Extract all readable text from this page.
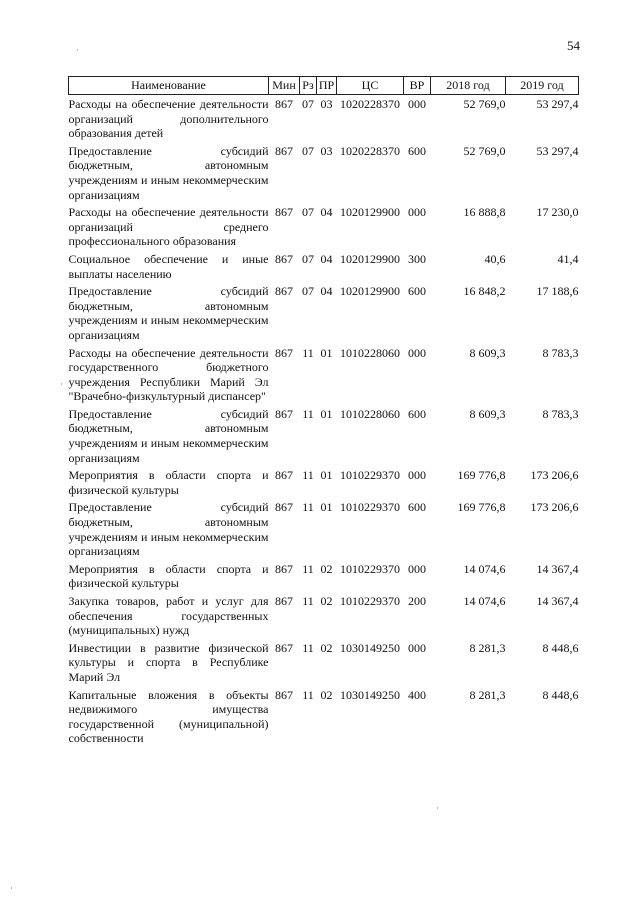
54
Наименование	Мин	Рз	ПР	ЦС	ВР	2018 год	2019 год
Расходы на обеспечение деятельности организаций дополнительного образования детей	867	07	03	1020228370	000	52 769,0	53 297,4
Предоставление субсидий бюджетным, автономным учреждениям и иным некоммерческим организациям	867	07	03	1020228370	600	52 769,0	53 297,4
Расходы на обеспечение деятельности организаций среднего профессионального образования	867	07	04	1020129900	000	16 888,8	17 230,0
Социальное обеспечение и иные выплаты населению	867	07	04	1020129900	300	40,6	41,4
Предоставление субсидий бюджетным, автономным учреждениям и иным некоммерческим организациям	867	07	04	1020129900	600	16 848,2	17 188,6
Расходы на обеспечение деятельности государственного бюджетного учреждения Республики Марий Эл "Врачебно-физкультурный диспансер"	867	11	01	1010228060	000	8 609,3	8 783,3
Предоставление субсидий бюджетным, автономным учреждениям и иным некоммерческим организациям	867	11	01	1010228060	600	8 609,3	8 783,3
Мероприятия в области спорта и физической культуры	867	11	01	1010229370	000	169 776,8	173 206,6
Предоставление субсидий бюджетным, автономным учреждениям и иным некоммерческим организациям	867	11	01	1010229370	600	169 776,8	173 206,6
Мероприятия в области спорта и физической культуры	867	11	02	1010229370	000	14 074,6	14 367,4
Закупка товаров, работ и услуг для обеспечения государственных (муниципальных) нужд	867	11	02	1010229370	200	14 074,6	14 367,4
Инвестиции в развитие физической культуры и спорта в Республике Марий Эл	867	11	02	1030149250	000	8 281,3	8 448,6
Капитальные вложения в объекты недвижимого имущества государственной (муниципальной) собственности	867	11	02	1030149250	400	8 281,3	8 448,6
·
·
·
·
